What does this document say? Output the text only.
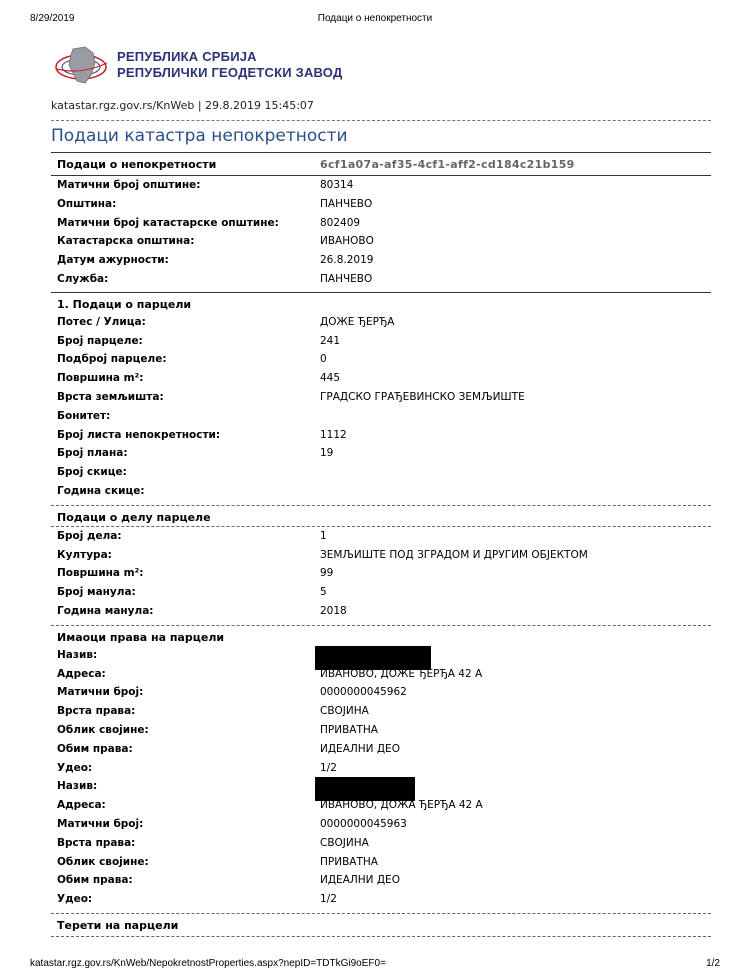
8/29/2019	Подаци о непокретности
РЕПУБЛИКА СРБИЈА
РЕПУБЛИЧКИ ГЕОДЕТСКИ ЗАВОД
katastar.rgz.gov.rs/KnWeb | 29.8.2019 15:45:07
Подаци катастра непокретности
Подаци о непокретности	6cf1a07a-af35-4cf1-aff2-cd184c21b159
Матични број општине:	80314
Општина:	ПАНЧЕВО
Матични број катастарске општине:	802409
Катастарска општина:	ИВАНОВО
Датум ажурности:	26.8.2019
Служба:	ПАНЧЕВО
1. Подаци о парцели
Потес / Улица:	ДОЖЕ ЂЕРЂА
Број парцеле:	241
Подброј парцеле:	0
Површина m²:	445
Врста земљишта:	ГРАДСКО ГРАЂЕВИНСКО ЗЕМЉИШТЕ
Бонитет:
Број листа непокретности:	1112
Број плана:	19
Број скице:
Година скице:
Подаци о делу парцеле
Број дела:	1
Култура:	ЗЕМЉИШТЕ ПОД ЗГРАДОМ И ДРУГИМ ОБЈЕКТОМ
Површина m²:	99
Број манула:	5
Година манула:	2018
Имаоци права на парцели
Назив:
Адреса:	ИВАНОВО, ДОЖЕ ЂЕРЂА 42 А
Матични број:	0000000045962
Врста права:	СВОЈИНА
Облик својине:	ПРИВАТНА
Обим права:	ИДЕАЛНИ ДЕО
Удео:	1/2
Назив:
Адреса:	ИВАНОВО, ДОЖА ЂЕРЂА 42 А
Матични број:	0000000045963
Врста права:	СВОЈИНА
Облик својине:	ПРИВАТНА
Обим права:	ИДЕАЛНИ ДЕО
Удео:	1/2
Терети на парцели
katastar.rgz.gov.rs/KnWeb/NepokretnostProperties.aspx?nepID=TDTkGi9oEF0=	1/2
